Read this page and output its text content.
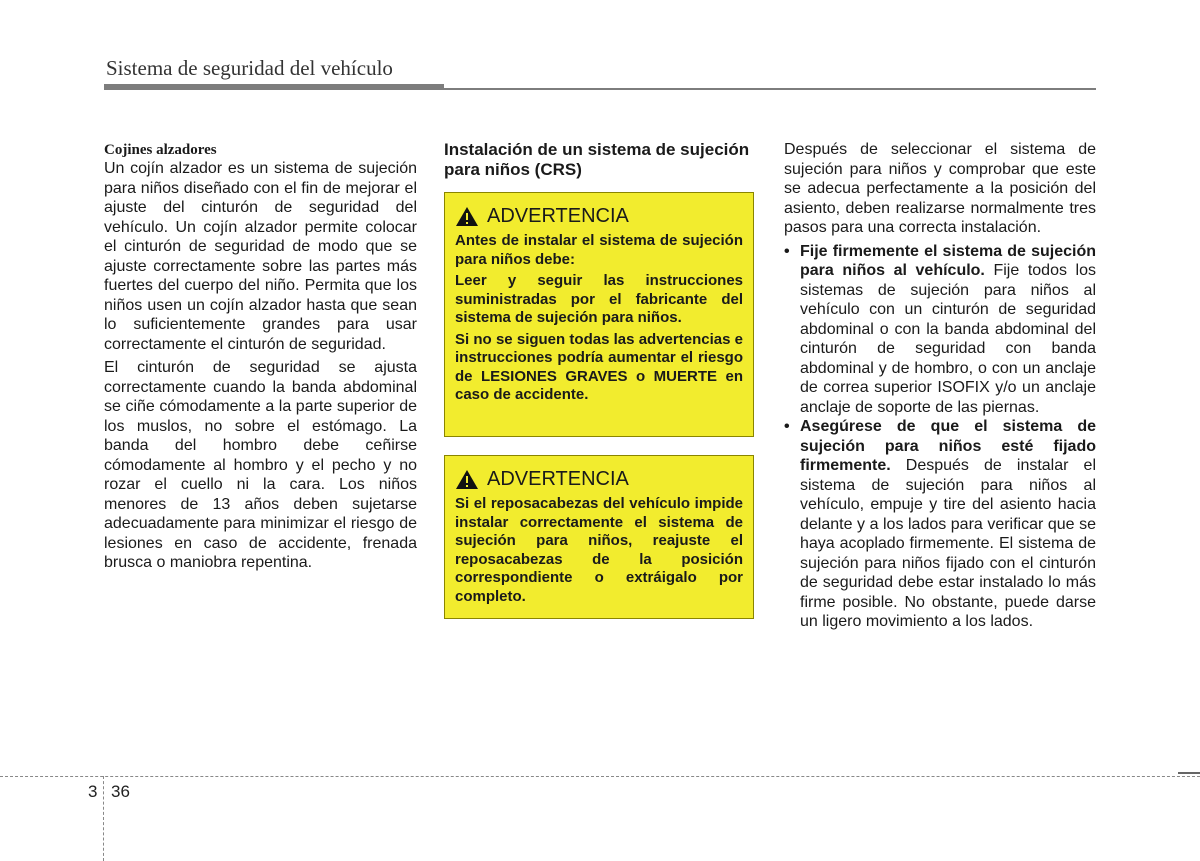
Sistema de seguridad del vehículo
Cojines alzadores

Un cojín alzador es un sistema de sujeción para niños diseñado con el fin de mejorar el ajuste del cinturón de seguridad del vehículo. Un cojín alzador permite colocar el cinturón de seguridad de modo que se ajuste correctamente sobre las partes más fuertes del cuerpo del niño. Permita que los niños usen un cojín alzador hasta que sean lo suficientemente grandes para usar correctamente el cinturón de seguridad.

El cinturón de seguridad se ajusta correctamente cuando la banda abdominal se ciñe cómodamente a la parte superior de los muslos, no sobre el estómago. La banda del hombro debe ceñirse cómodamente al hombro y el pecho y no rozar el cuello ni la cara. Los niños menores de 13 años deben sujetarse adecuadamente para minimizar el riesgo de lesiones en caso de accidente, frenada brusca o maniobra repentina.

Instalación de un sistema de sujeción para niños (CRS)
ADVERTENCIA

Antes de instalar el sistema de sujeción para niños debe:

Leer y seguir las instrucciones suministradas por el fabricante del sistema de sujeción para niños.

Si no se siguen todas las advertencias e instrucciones podría aumentar el riesgo de LESIONES GRAVES o MUERTE en caso de accidente.

ADVERTENCIA

Si el reposacabezas del vehículo impide instalar correctamente el sistema de sujeción para niños, reajuste el reposacabezas de la posición correspondiente o extráigalo por completo.

Después de seleccionar el sistema de sujeción para niños y comprobar que este se adecua perfectamente a la posición del asiento, deben realizarse normalmente tres pasos para una correcta instalación.

• Fije firmemente el sistema de sujeción para niños al vehículo. Fije todos los sistemas de sujeción para niños al vehículo con un cinturón de seguridad abdominal o con la banda abdominal del cinturón de seguridad con banda abdominal y de hombro, o con un anclaje de correa superior ISOFIX y/o un anclaje anclaje de soporte de las piernas.
• Asegúrese de que el sistema de sujeción para niños esté fijado firmemente. Después de instalar el sistema de sujeción para niños al vehículo, empuje y tire del asiento hacia delante y a los lados para verificar que se haya acoplado firmemente. El sistema de sujeción para niños fijado con el cinturón de seguridad debe estar instalado lo más firme posible. No obstante, puede darse un ligero movimiento a los lados.
3 36
